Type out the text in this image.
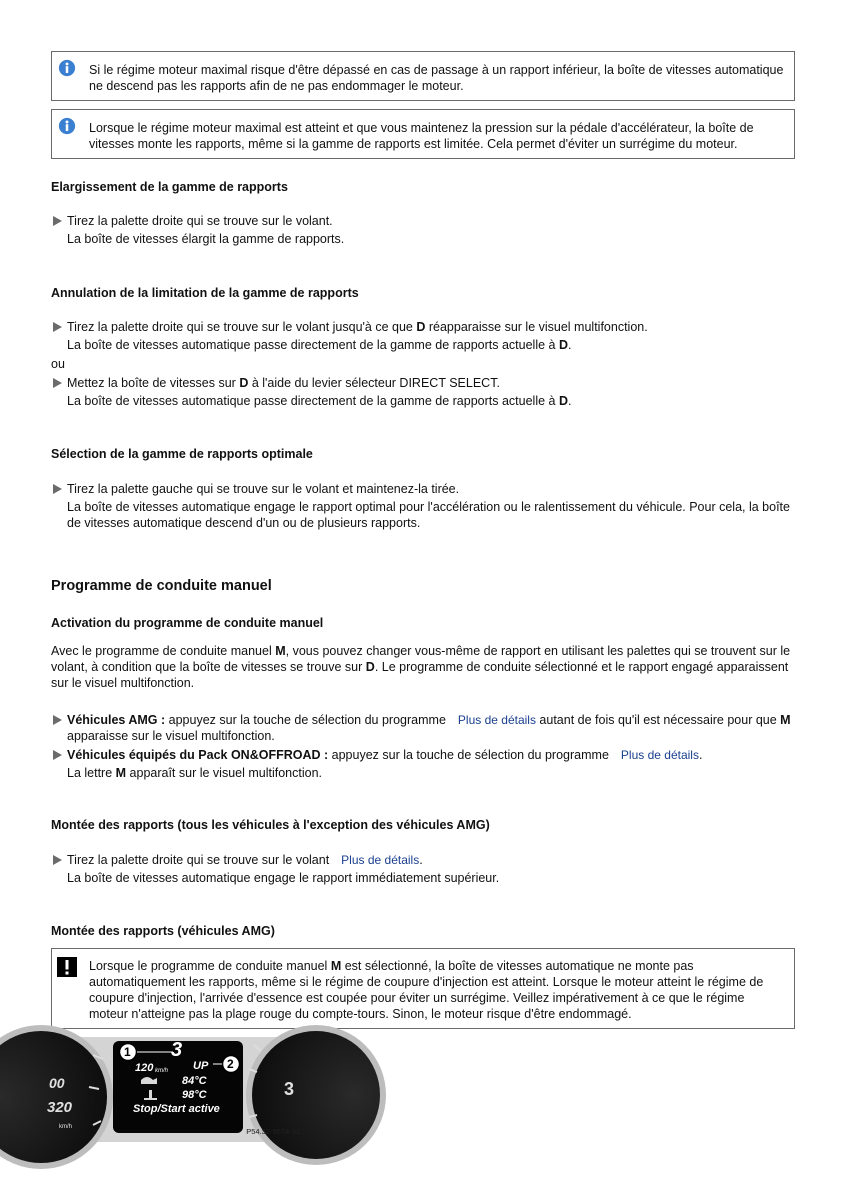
Si le régime moteur maximal risque d'être dépassé en cas de passage à un rapport inférieur, la boîte de vitesses automatique ne descend pas les rapports afin de ne pas endommager le moteur.
Lorsque le régime moteur maximal est atteint et que vous maintenez la pression sur la pédale d'accélérateur, la boîte de vitesses monte les rapports, même si la gamme de rapports est limitée. Cela permet d'éviter un surrégime du moteur.
Elargissement de la gamme de rapports
Tirez la palette droite qui se trouve sur le volant.
La boîte de vitesses élargit la gamme de rapports.
Annulation de la limitation de la gamme de rapports
Tirez la palette droite qui se trouve sur le volant jusqu'à ce que D réapparaisse sur le visuel multifonction.
La boîte de vitesses automatique passe directement de la gamme de rapports actuelle à D.
ou
Mettez la boîte de vitesses sur D à l'aide du levier sélecteur DIRECT SELECT.
La boîte de vitesses automatique passe directement de la gamme de rapports actuelle à D.
Sélection de la gamme de rapports optimale
Tirez la palette gauche qui se trouve sur le volant et maintenez-la tirée.
La boîte de vitesses automatique engage le rapport optimal pour l'accélération ou le ralentissement du véhicule. Pour cela, la boîte de vitesses automatique descend d'un ou de plusieurs rapports.
Programme de conduite manuel
Activation du programme de conduite manuel
Avec le programme de conduite manuel M, vous pouvez changer vous-même de rapport en utilisant les palettes qui se trouvent sur le volant, à condition que la boîte de vitesses se trouve sur D. Le programme de conduite sélectionné et le rapport engagé apparaissent sur le visuel multifonction.
Véhicules AMG : appuyez sur la touche de sélection du programme Plus de détails autant de fois qu'il est nécessaire pour que M apparaisse sur le visuel multifonction.
Véhicules équipés du Pack ON&OFFROAD : appuyez sur la touche de sélection du programme Plus de détails.
La lettre M apparaît sur le visuel multifonction.
Montée des rapports (tous les véhicules à l'exception des véhicules AMG)
Tirez la palette droite qui se trouve sur le volant Plus de détails.
La boîte de vitesses automatique engage le rapport immédiatement supérieur.
Montée des rapports (véhicules AMG)
Lorsque le programme de conduite manuel M est sélectionné, la boîte de vitesses automatique ne monte pas automatiquement les rapports, même si le régime de coupure d'injection est atteint. Lorsque le moteur atteint le régime de coupure d'injection, l'arrivée d'essence est coupée pour éviter un surrégime. Veillez impérativement à ce que le régime moteur n'atteigne pas la plage rouge du compte-tours. Sinon, le moteur risque d'être endommagé.
1
2
120 km/h
3
UP
84°C
98°C
Stop/Start active
00
320
km/h
3
P54.32-9574-31
